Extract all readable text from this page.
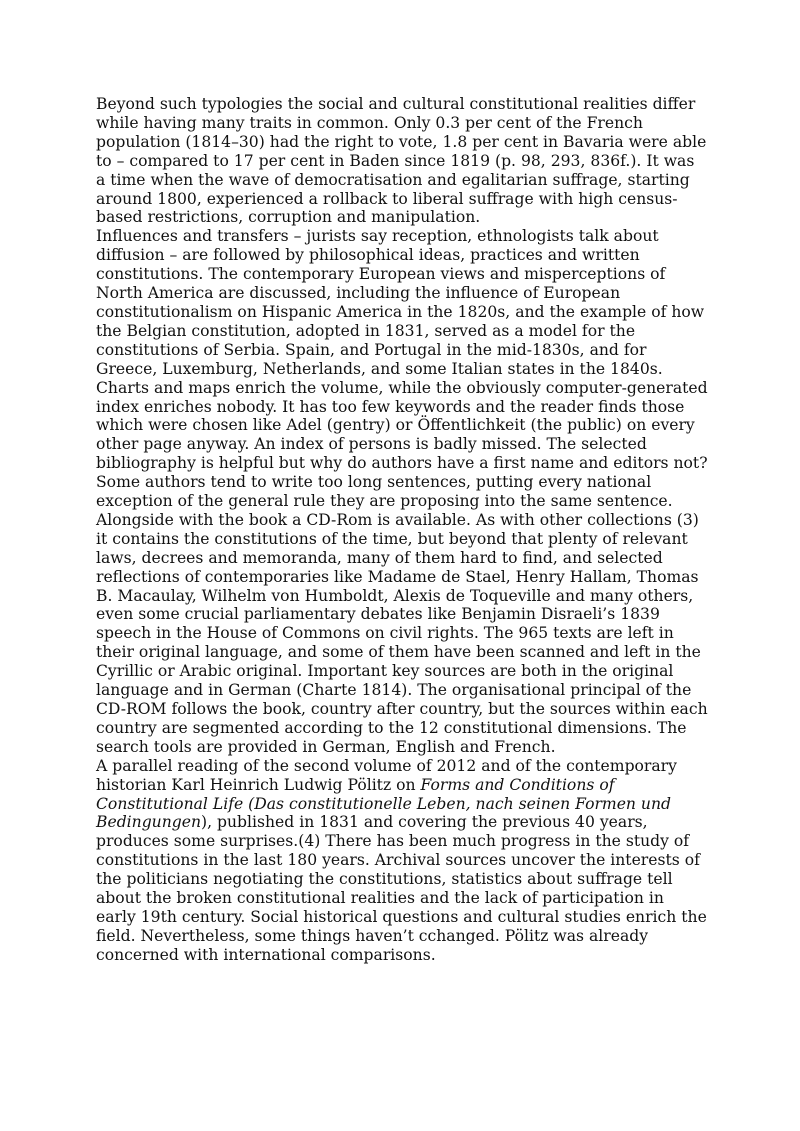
Beyond such typologies the social and cultural constitutional realities differ while having many traits in common. Only 0.3 per cent of the French population (1814–30) had the right to vote, 1.8 per cent in Bavaria were able to – compared to 17 per cent in Baden since 1819 (p. 98, 293, 836f.). It was a time when the wave of democratisation and egalitarian suffrage, starting around 1800, experienced a rollback to liberal suffrage with high census-based restrictions, corruption and manipulation.

Influences and transfers – jurists say reception, ethnologists talk about diffusion – are followed by philosophical ideas, practices and written constitutions. The contemporary European views and misperceptions of North America are discussed, including the influence of European constitutionalism on Hispanic America in the 1820s, and the example of how the Belgian constitution, adopted in 1831, served as a model for the constitutions of Serbia. Spain, and Portugal in the mid-1830s, and for Greece, Luxemburg, Netherlands, and some Italian states in the 1840s.

Charts and maps enrich the volume, while the obviously computer-generated index enriches nobody. It has too few keywords and the reader finds those which were chosen like Adel (gentry) or Öffentlichkeit (the public) on every other page anyway. An index of persons is badly missed. The selected bibliography is helpful but why do authors have a first name and editors not? Some authors tend to write too long sentences, putting every national exception of the general rule they are proposing into the same sentence.

Alongside with the book a CD-Rom is available. As with other collections (3) it contains the constitutions of the time, but beyond that plenty of relevant laws, decrees and memoranda, many of them hard to find, and selected reflections of contemporaries like Madame de Stael, Henry Hallam, Thomas B. Macaulay, Wilhelm von Humboldt, Alexis de Toqueville and many others, even some crucial parliamentary debates like Benjamin Disraeli’s 1839 speech in the House of Commons on civil rights. The 965 texts are left in their original language, and some of them have been scanned and left in the Cyrillic or Arabic original. Important key sources are both in the original language and in German (Charte 1814). The organisational principal of the CD-ROM follows the book, country after country, but the sources within each country are segmented according to the 12 constitutional dimensions. The search tools are provided in German, English and French.

A parallel reading of the second volume of 2012 and of the contemporary historian Karl Heinrich Ludwig Pölitz on Forms and Conditions of Constitutional Life (Das constitutionelle Leben, nach seinen Formen und Bedingungen), published in 1831 and covering the previous 40 years, produces some surprises.(4) There has been much progress in the study of constitutions in the last 180 years. Archival sources uncover the interests of the politicians negotiating the constitutions, statistics about suffrage tell about the broken constitutional realities and the lack of participation in early 19th century. Social historical questions and cultural studies enrich the field. Nevertheless, some things haven’t cchanged. Pölitz was already concerned with international comparisons.
